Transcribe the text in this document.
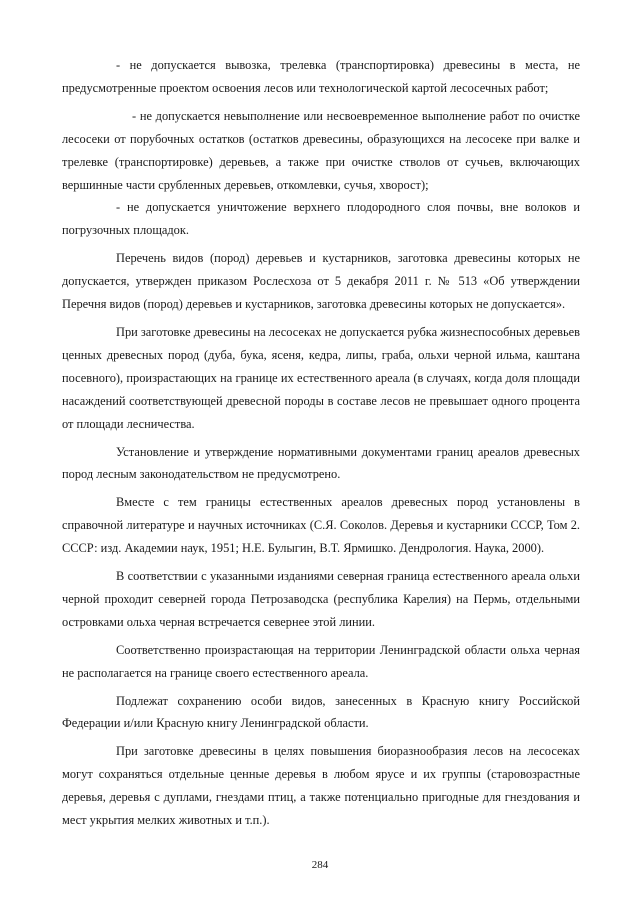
- не допускается вывозка, трелевка (транспортировка) древесины в места, не предусмотренные проектом освоения лесов или технологической картой лесосечных работ;

- не допускается невыполнение или несвоевременное выполнение работ по очистке лесосеки от порубочных остатков (остатков древесины, образующихся на лесосеке при валке и трелевке (транспортировке) деревьев, а также при очистке стволов от сучьев, включающих вершинные части срубленных деревьев, откомлевки, сучья, хворост);

- не допускается уничтожение верхнего плодородного слоя почвы, вне волоков и погрузочных площадок.

Перечень видов (пород) деревьев и кустарников, заготовка древесины которых не допускается, утвержден приказом Рослесхоза от 5 декабря 2011 г. № 513 «Об утверждении Перечня видов (пород) деревьев и кустарников, заготовка древесины которых не допускается».

При заготовке древесины на лесосеках не допускается рубка жизнеспособных деревьев ценных древесных пород (дуба, бука, ясеня, кедра, липы, граба, ольхи черной ильма, каштана посевного), произрастающих на границе их естественного ареала (в случаях, когда доля площади насаждений соответствующей древесной породы в составе лесов не превышает одного процента от площади лесничества.

Установление и утверждение нормативными документами границ ареалов древесных пород лесным законодательством не предусмотрено.

Вместе с тем границы естественных ареалов древесных пород установлены в справочной литературе и научных источниках (С.Я. Соколов. Деревья и кустарники СССР, Том 2. СССР: изд. Академии наук, 1951; Н.Е. Булыгин, В.Т. Ярмишко. Дендрология. Наука, 2000).

В соответствии с указанными изданиями северная граница естественного ареала ольхи черной проходит северней города Петрозаводска (республика Карелия) на Пермь, отдельными островками ольха черная встречается севернее этой линии.

Соответственно произрастающая на территории Ленинградской области ольха черная не располагается на границе своего естественного ареала.

Подлежат сохранению особи видов, занесенных в Красную книгу Российской Федерации и/или Красную книгу Ленинградской области.

При заготовке древесины в целях повышения биоразнообразия лесов на лесосеках могут сохраняться отдельные ценные деревья в любом ярусе и их группы (старовозрастные деревья, деревья с дуплами, гнездами птиц, а также потенциально пригодные для гнездования и мест укрытия мелких животных и т.п.).

284
